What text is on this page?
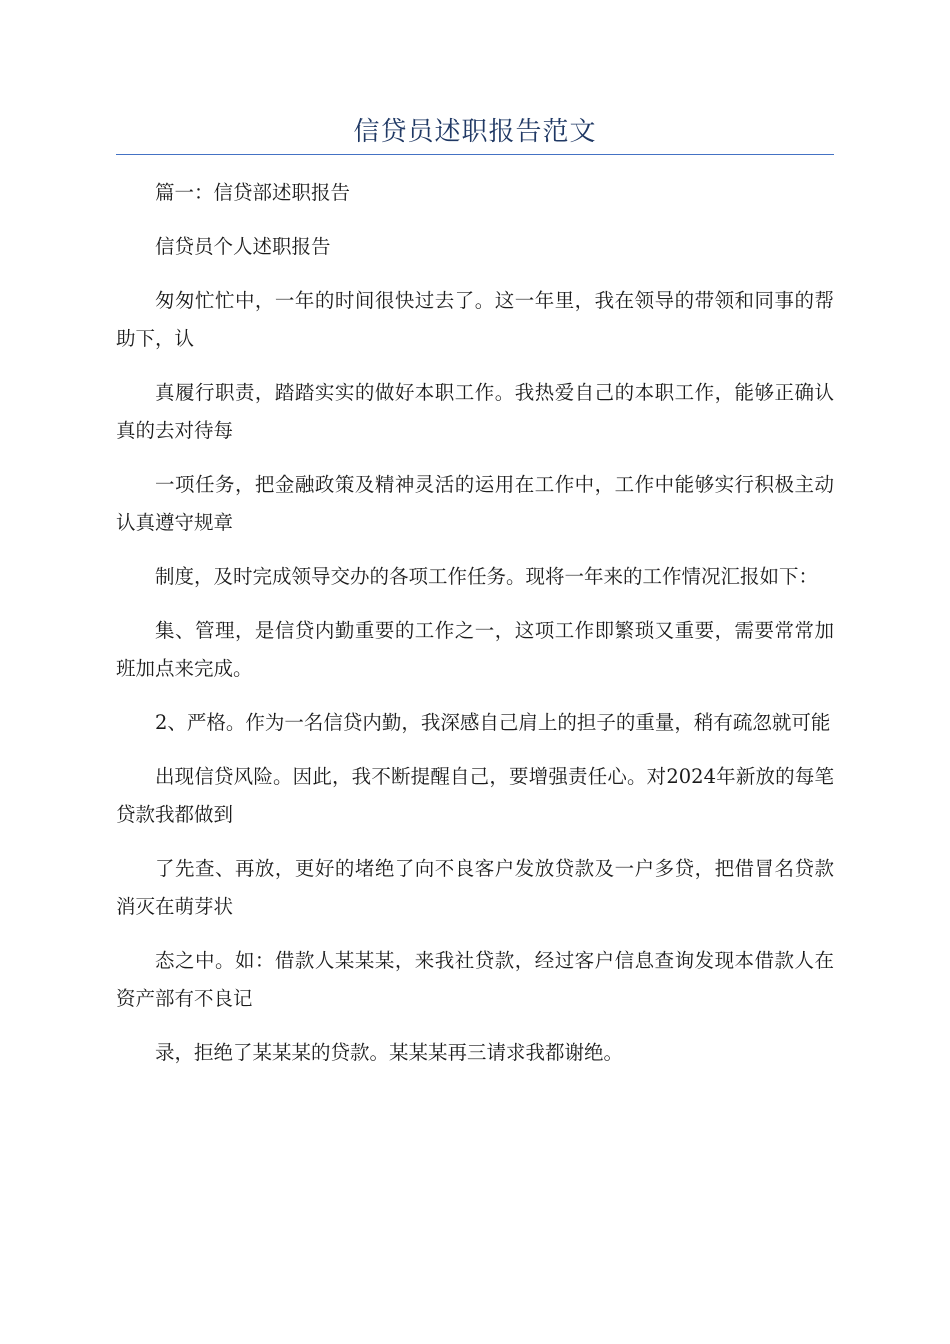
信贷员述职报告范文

篇一：信贷部述职报告

信贷员个人述职报告

匆匆忙忙中，一年的时间很快过去了。这一年里，我在领导的带领和同事的帮助下，认

真履行职责，踏踏实实的做好本职工作。我热爱自己的本职工作，能够正确认真的去对待每

一项任务，把金融政策及精神灵活的运用在工作中，工作中能够实行积极主动认真遵守规章

制度，及时完成领导交办的各项工作任务。现将一年来的工作情况汇报如下：

集、管理，是信贷内勤重要的工作之一，这项工作即繁琐又重要，需要常常加班加点来完成。

2、严格。作为一名信贷内勤，我深感自己肩上的担子的重量，稍有疏忽就可能

出现信贷风险。因此，我不断提醒自己，要增强责任心。对2024年新放的每笔贷款我都做到

了先查、再放，更好的堵绝了向不良客户发放贷款及一户多贷，把借冒名贷款消灭在萌芽状

态之中。如：借款人某某某，来我社贷款，经过客户信息查询发现本借款人在资产部有不良记

录，拒绝了某某某的贷款。某某某再三请求我都谢绝。
